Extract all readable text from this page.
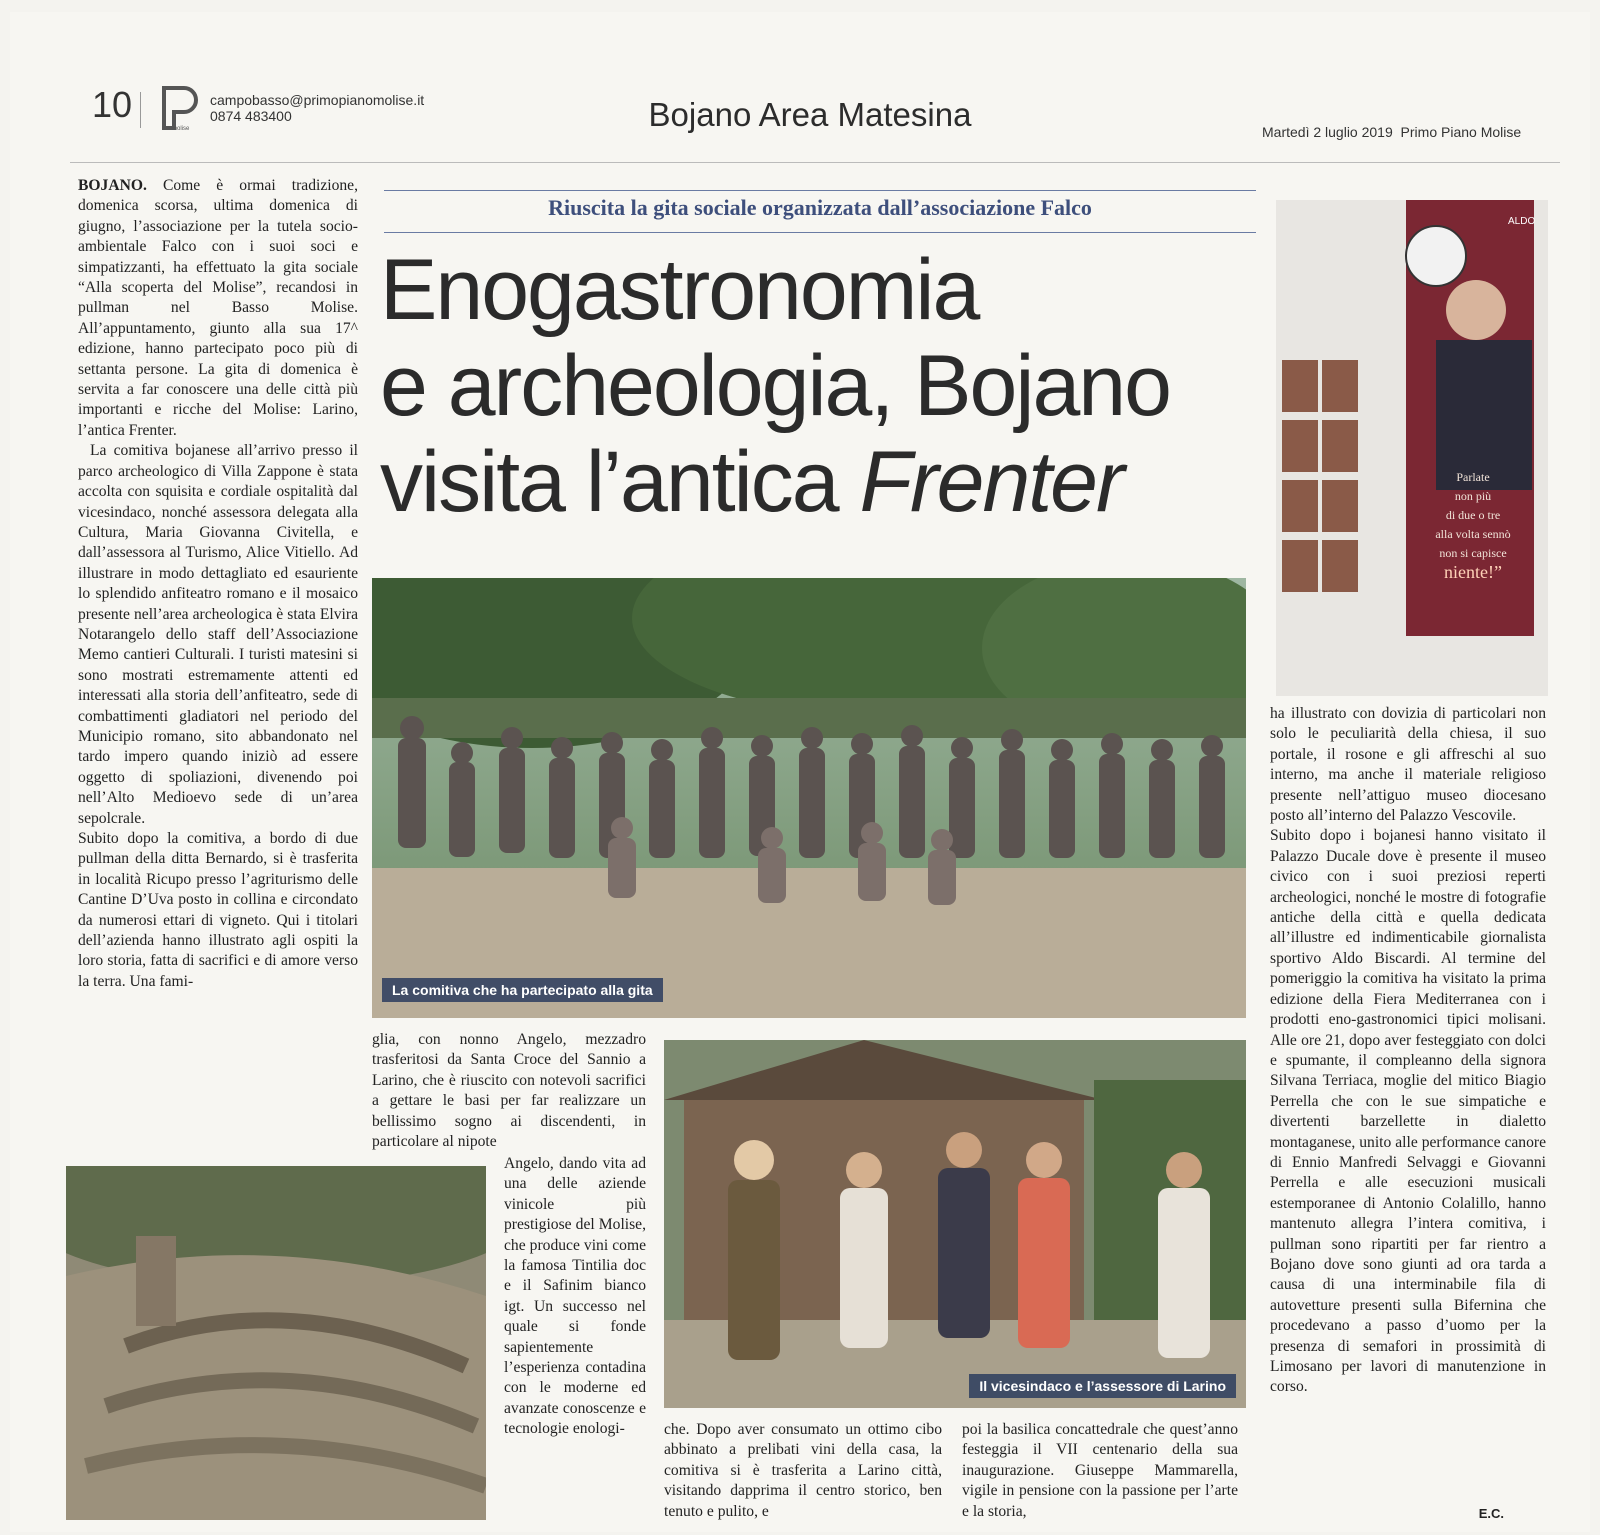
10
molise
campobasso@primopianomolise.it
0874 483400	Bojano Area Matesina	Martedì 2 luglio 2019 Primo Piano Molise
Riuscita la gita sociale organizzata dall’associazione Falco
Enogastronomia
e archeologia, Bojano
visita l’antica Frenter

BOJANO. Come è ormai tradizione, domenica scorsa, ultima domenica di giugno, l’associazione per la tutela socio-ambientale Falco con i suoi soci e simpatizzanti, ha effettuato la gita sociale “Alla scoperta del Molise”, recandosi in pullman nel Basso Molise. All’appuntamento, giunto alla sua 17^ edizione, hanno partecipato poco più di settanta persone. La gita di domenica è servita a far conoscere una delle città più importanti e ricche del Molise: Larino, l’antica Frenter.

La comitiva bojanese all’arrivo presso il parco archeologico di Villa Zappone è stata accolta con squisita e cordiale ospitalità dal vicesindaco, nonché assessora delegata alla Cultura, Maria Giovanna Civitella, e dall’assessora al Turismo, Alice Vitiello. Ad illustrare in modo dettagliato ed esauriente lo splendido anfiteatro romano e il mosaico presente nell’area archeologica è stata Elvira Notarangelo dello staff dell’Associazione Memo cantieri Culturali. I turisti matesini si sono mostrati estremamente attenti ed interessati alla storia dell’anfiteatro, sede di combattimenti gladiatori nel periodo del Municipio romano, sito abbandonato nel tardo impero quando iniziò ad essere oggetto di spoliazioni, divenendo poi nell’Alto Medioevo sede di un’area sepolcrale.

Subito dopo la comitiva, a bordo di due pullman della ditta Bernardo, si è trasferita in località Ricupo presso l’agriturismo delle Cantine D’Uva posto in collina e circondato da numerosi ettari di vigneto. Qui i titolari dell’azienda hanno illustrato agli ospiti la loro storia, fatta di sacrifici e di amore verso la terra. Una fami-

La comitiva che ha partecipato alla gita
ALDO
Parlate
non più
di due o tre
alla volta sennò
non si capisce
niente!”

glia, con nonno Angelo, mezzadro trasferitosi da Santa Croce del Sannio a Larino, che è riuscito con notevoli sacrifici a gettare le basi per far realizzare un bellissimo sogno ai discendenti, in particolare al nipote

Angelo, dando vita ad una delle aziende vinicole più prestigiose del Molise, che produce vini come la famosa Tintilia doc e il Safinim bianco igt. Un successo nel quale si fonde sapientemente l’esperienza contadina con le moderne ed avanzate conoscenze e tecnologie enologi-

Il vicesindaco e l’assessore di Larino

che. Dopo aver consumato un ottimo cibo abbinato a prelibati vini della casa, la comitiva si è trasferita a Larino città, visitando dapprima il centro storico, ben tenuto e pulito, e

poi la basilica concattedrale che quest’anno festeggia il VII centenario della sua inaugurazione. Giuseppe Mammarella, vigile in pensione con la passione per l’arte e la storia,

ha illustrato con dovizia di particolari non solo le peculiarità della chiesa, il suo portale, il rosone e gli affreschi al suo interno, ma anche il materiale religioso presente nell’attiguo museo diocesano posto all’interno del Palazzo Vescovile.

Subito dopo i bojanesi hanno visitato il Palazzo Ducale dove è presente il museo civico con i suoi preziosi reperti archeologici, nonché le mostre di fotografie antiche della città e quella dedicata all’illustre ed indimenticabile giornalista sportivo Aldo Biscardi. Al termine del pomeriggio la comitiva ha visitato la prima edizione della Fiera Mediterranea con i prodotti eno-gastronomici tipici molisani. Alle ore 21, dopo aver festeggiato con dolci e spumante, il compleanno della signora Silvana Terriaca, moglie del mitico Biagio Perrella che con le sue simpatiche e divertenti barzellette in dialetto montaganese, unito alle performance canore di Ennio Manfredi Selvaggi e Giovanni Perrella e alle esecuzioni musicali estemporanee di Antonio Colalillo, hanno mantenuto allegra l’intera comitiva, i pullman sono ripartiti per far rientro a Bojano dove sono giunti ad ora tarda a causa di una interminabile fila di autovetture presenti sulla Bifernina che procedevano a passo d’uomo per la presenza di semafori in prossimità di Limosano per lavori di manutenzione in corso.

E.C.
